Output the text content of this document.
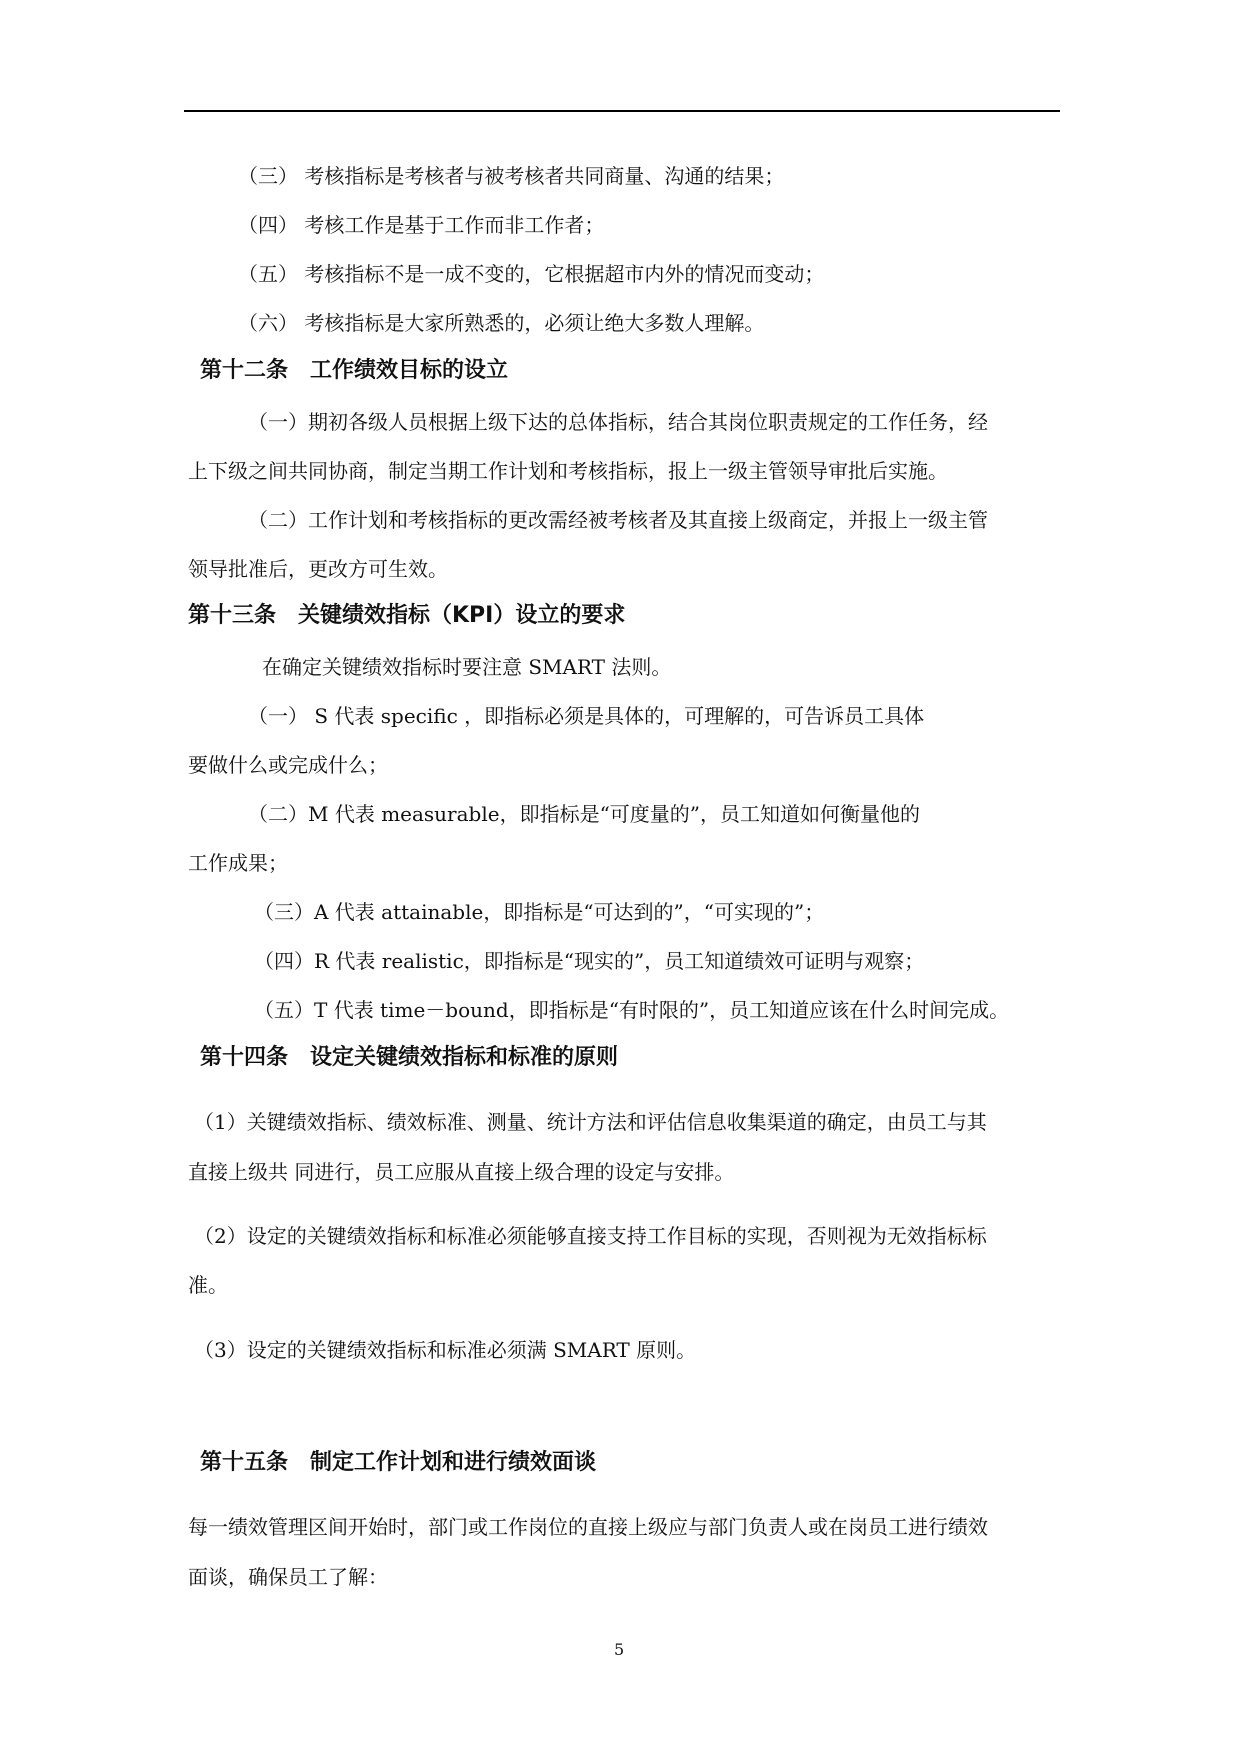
（三） 考核指标是考核者与被考核者共同商量、沟通的结果；
（四） 考核工作是基于工作而非工作者；
（五） 考核指标不是一成不变的，它根据超市内外的情况而变动；
（六） 考核指标是大家所熟悉的，必须让绝大多数人理解。
第十二条　工作绩效目标的设立
（一）期初各级人员根据上级下达的总体指标，结合其岗位职责规定的工作任务，经
上下级之间共同协商，制定当期工作计划和考核指标，报上一级主管领导审批后实施。
（二）工作计划和考核指标的更改需经被考核者及其直接上级商定，并报上一级主管
领导批准后，更改方可生效。
第十三条　关键绩效指标（KPI）设立的要求
在确定关键绩效指标时要注意 SMART 法则。
（一） S 代表 specific ，即指标必须是具体的，可理解的，可告诉员工具体
要做什么或完成什么；
（二）M 代表 measurable，即指标是“可度量的”，员工知道如何衡量他的
工作成果；
（三）A 代表 attainable，即指标是“可达到的”，“可实现的”；
（四）R 代表 realistic，即指标是“现实的”，员工知道绩效可证明与观察；
（五）T 代表 time－bound，即指标是“有时限的”，员工知道应该在什么时间完成。
第十四条　设定关键绩效指标和标准的原则
（1）关键绩效指标、绩效标准、测量、统计方法和评估信息收集渠道的确定，由员工与其
直接上级共 同进行，员工应服从直接上级合理的设定与安排。
（2）设定的关键绩效指标和标准必须能够直接支持工作目标的实现，否则视为无效指标标
准。
（3）设定的关键绩效指标和标准必须满 SMART 原则。
第十五条　制定工作计划和进行绩效面谈
每一绩效管理区间开始时，部门或工作岗位的直接上级应与部门负责人或在岗员工进行绩效
面谈，确保员工了解：
5
